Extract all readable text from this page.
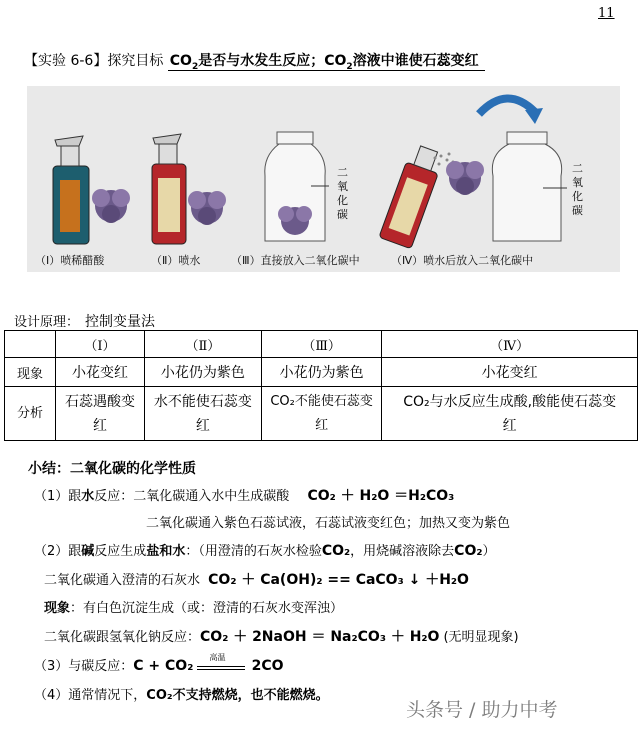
11
【实验 6-6】探究目标 $CO_2$是否与水发生反应；$CO_2$溶液中谁使石蕊变红
二
氧
化
碳
二
氧
化
碳
（Ⅰ）喷稀醋酸	（Ⅱ）喷水	（Ⅲ）直接放入二氧化碳中	（Ⅳ）喷水后放入二氧化碳中
设计原理： 控制变量法
	（Ⅰ）	（Ⅱ）	（Ⅲ）	（Ⅳ）
现象	小花变红	小花仍为紫色	小花仍为紫色	小花变红
分析	石蕊遇酸变红	水不能使石蕊变红	CO₂不能使石蕊变红	CO₂与水反应生成酸,酸能使石蕊变红
小结：二氧化碳的化学性质
（1）跟水反应：二氧化碳通入水中生成碳酸 CO₂ ＋ H₂O ＝H₂CO₃
二氧化碳通入紫色石蕊试液，石蕊试液变红色；加热又变为紫色
（2）跟碱反应生成盐和水：（用澄清的石灰水检验CO₂，用烧碱溶液除去CO₂）
二氧化碳通入澄清的石灰水 CO₂ ＋ Ca(OH)₂ == CaCO₃ ↓ ＋H₂O
现象：有白色沉淀生成（或：澄清的石灰水变浑浊）
二氧化碳跟氢氧化钠反应：CO₂ ＋ 2NaOH ＝ Na₂CO₃ ＋ H₂O (无明显现象)
（3）与碳反应：C + CO₂
高温
2CO
（4）通常情况下，CO₂不支持燃烧，也不能燃烧。
头条号 / 助力中考
